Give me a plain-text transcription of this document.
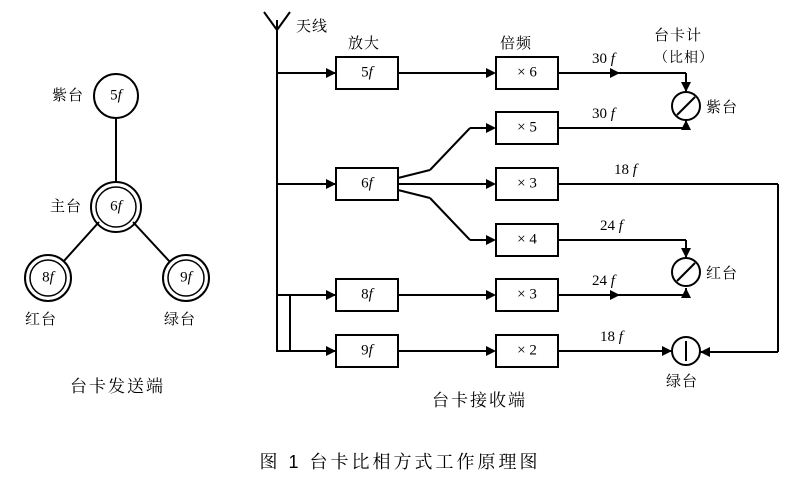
5f
6f
8f	9f
紫台
主台
红台	绿台
台卡发送端
天线
放大	倍频	台卡计
（比相）
5f
6f
8f
9f
× 6
× 5
× 3
× 4
× 3
× 2
30 f
30 f
18 f
24 f
24 f
18 f
紫台
红台
绿台
台卡接收端
图 1 台卡比相方式工作原理图
